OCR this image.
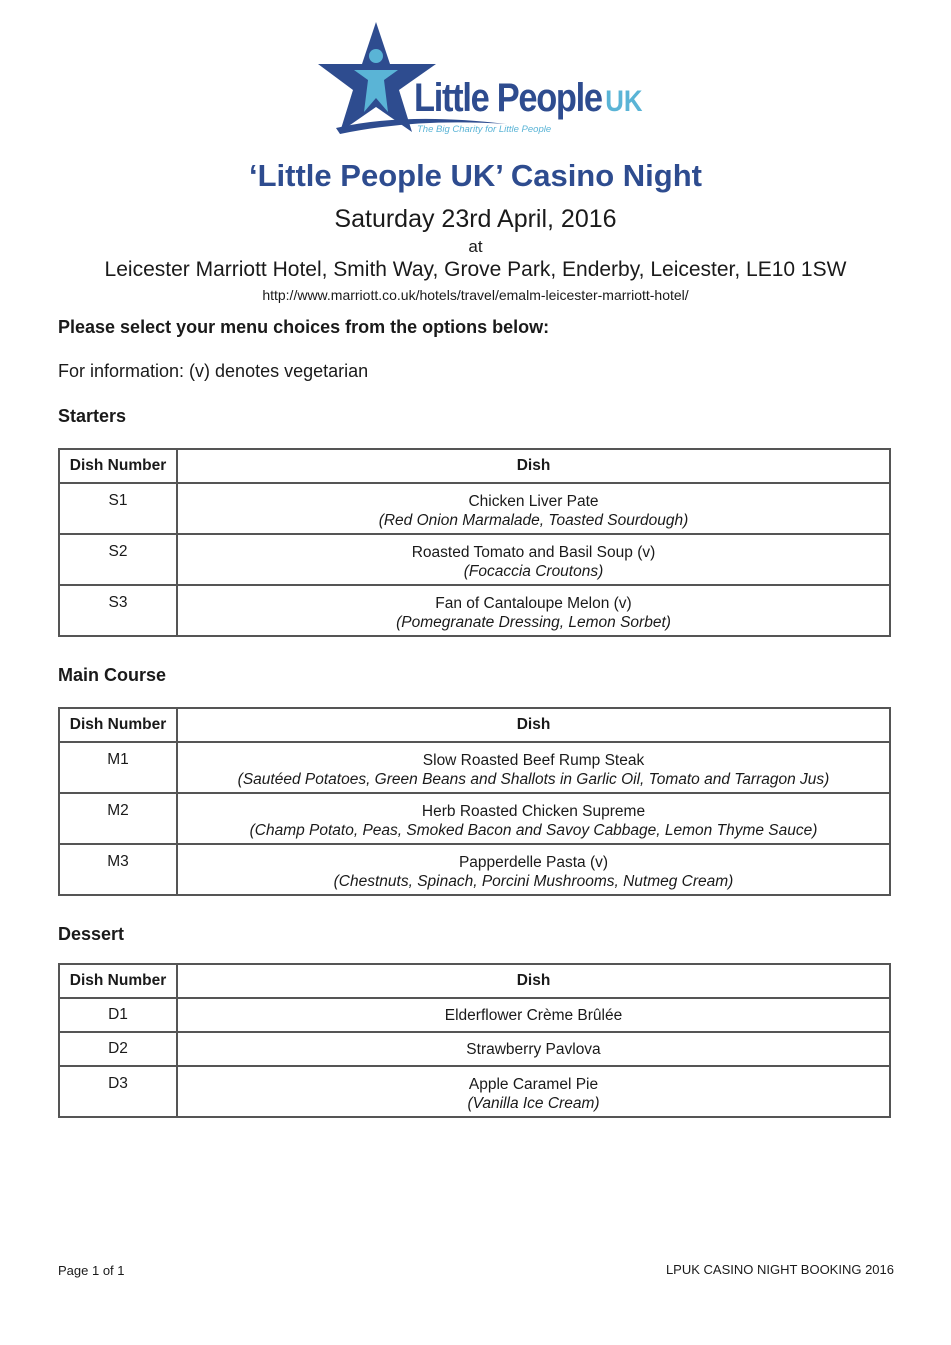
Little People UK
The Big Charity for Little People
‘Little People UK’ Casino Night
Saturday 23rd April, 2016
at
Leicester Marriott Hotel, Smith Way, Grove Park, Enderby, Leicester, LE10 1SW
http://www.marriott.co.uk/hotels/travel/emalm-leicester-marriott-hotel/
Please select your menu choices from the options below:
For information: (v) denotes vegetarian
Starters
Dish Number	Dish

S1	Chicken Liver Pate
(Red Onion Marmalade, Toasted Sourdough)

S2	Roasted Tomato and Basil Soup (v)
(Focaccia Croutons)

S3	Fan of Cantaloupe Melon (v)
(Pomegranate Dressing, Lemon Sorbet)
Main Course
Dish Number	Dish

M1	Slow Roasted Beef Rump Steak
(Sautéed Potatoes, Green Beans and Shallots in Garlic Oil, Tomato and Tarragon Jus)

M2	Herb Roasted Chicken Supreme
(Champ Potato, Peas, Smoked Bacon and Savoy Cabbage, Lemon Thyme Sauce)

M3	Papperdelle Pasta (v)
(Chestnuts, Spinach, Porcini Mushrooms, Nutmeg Cream)
Dessert
Dish Number	Dish

D1	Elderflower Crème Brûlée

D2	Strawberry Pavlova

D3	Apple Caramel Pie
(Vanilla Ice Cream)
Page 1 of 1	LPUK CASINO NIGHT BOOKING 2016
